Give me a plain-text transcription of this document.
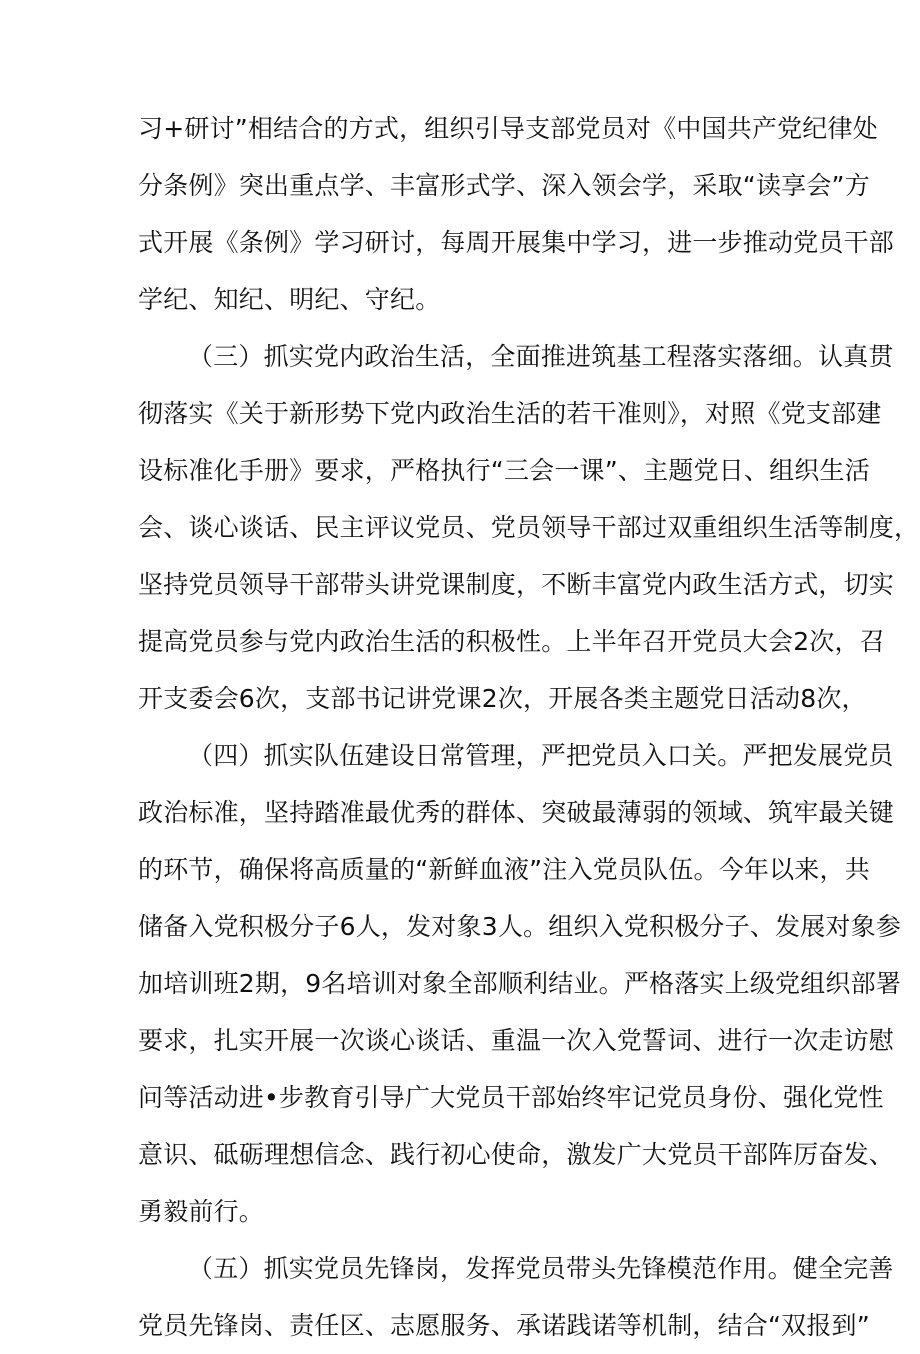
习+研讨”相结合的方式，组织引导支部党员对《中国共产党纪律处
分条例》突出重点学、丰富形式学、深入领会学，采取“读享会”方
式开展《条例》学习研讨，每周开展集中学习，进一步推动党员干部
学纪、知纪、明纪、守纪。
（三）抓实党内政治生活，全面推进筑基工程落实落细。认真贯
彻落实《关于新形势下党内政治生活的若干准则》，对照《党支部建
设标准化手册》要求，严格执行“三会一课”、主题党日、组织生活
会、谈心谈话、民主评议党员、党员领导干部过双重组织生活等制度，
坚持党员领导干部带头讲党课制度，不断丰富党内政生活方式，切实
提高党员参与党内政治生活的积极性。上半年召开党员大会2次，召
开支委会6次，支部书记讲党课2次，开展各类主题党日活动8次，
（四）抓实队伍建设日常管理，严把党员入口关。严把发展党员
政治标准，坚持踏准最优秀的群体、突破最薄弱的领域、筑牢最关键
的环节，确保将高质量的“新鲜血液”注入党员队伍。今年以来，共
储备入党积极分子6人，发对象3人。组织入党积极分子、发展对象参
加培训班2期，9名培训对象全部顺利结业。严格落实上级党组织部署
要求，扎实开展一次谈心谈话、重温一次入党誓词、进行一次走访慰
问等活动进•步教育引导广大党员干部始终牢记党员身份、强化党性
意识、砥砺理想信念、践行初心使命，激发广大党员干部阵厉奋发、
勇毅前行。
（五）抓实党员先锋岗，发挥党员带头先锋模范作用。健全完善
党员先锋岗、责任区、志愿服务、承诺践诺等机制，结合“双报到”
